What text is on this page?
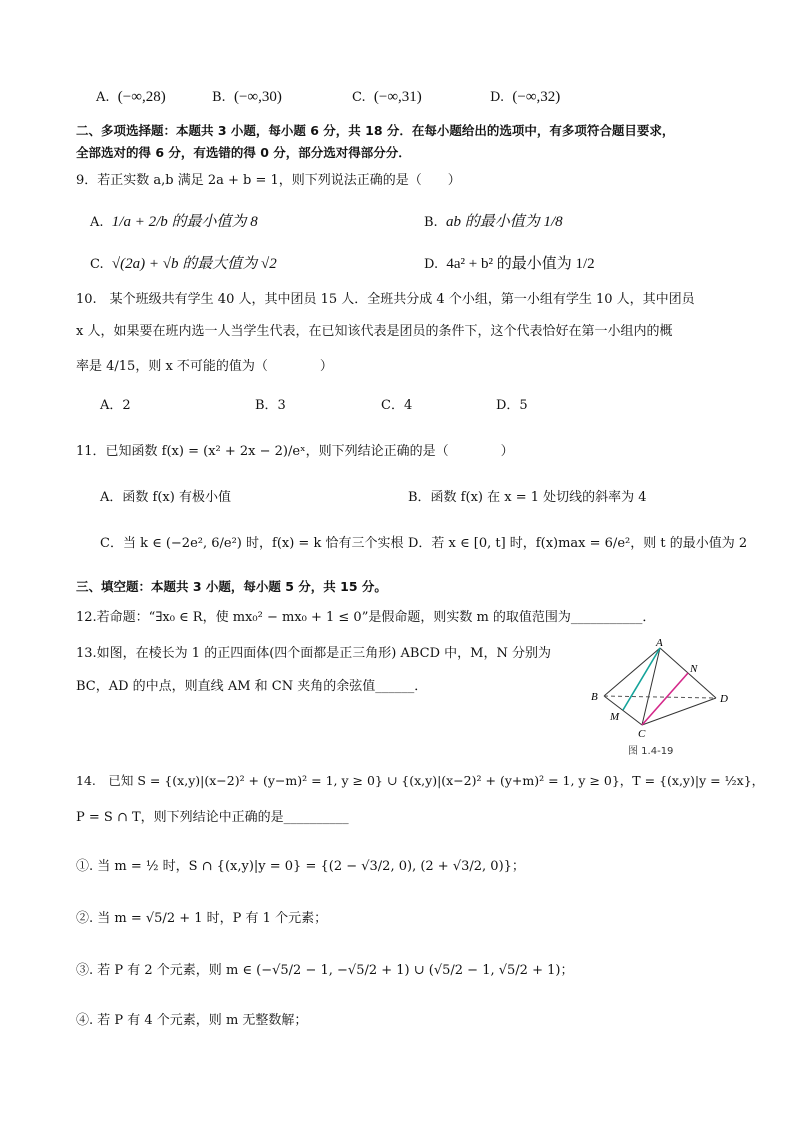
A. (−∞,28)	B. (−∞,30)	C. (−∞,31)	D. (−∞,32)
二、多项选择题：本题共 3 小题，每小题 6 分，共 18 分．在每小题给出的选项中，有多项符合题目要求，
全部选对的得 6 分，有选错的得 0 分，部分选对得部分分．
9．若正实数 a,b 满足 2a + b = 1，则下列说法正确的是（　　）
A. 1/a + 2/b 的最小值为 8	B. ab 的最小值为 1/8
C. √(2a) + √b 的最大值为 √2	D. 4a² + b² 的最小值为 1/2
10.　某个班级共有学生 40 人，其中团员 15 人．全班共分成 4 个小组，第一小组有学生 10 人，其中团员
x 人，如果要在班内选一人当学生代表，在已知该代表是团员的条件下，这个代表恰好在第一小组内的概
率是 4/15，则 x 不可能的值为（　　　　）
A．2	B．3	C．4	D．5
11．已知函数 f(x) = (x² + 2x − 2)/eˣ，则下列结论正确的是（　　　　）
A．函数 f(x) 有极小值	B．函数 f(x) 在 x = 1 处切线的斜率为 4
C．当 k ∈ (−2e², 6/e²) 时，f(x) = k 恰有三个实根 D．若 x ∈ [0, t] 时，f(x)max = 6/e²，则 t 的最小值为 2
三、填空题：本题共 3 小题，每小题 5 分，共 15 分。
12.若命题：“∃x₀ ∈ R，使 mx₀² − mx₀ + 1 ≤ 0”是假命题，则实数 m 的取值范围为___________．
13.如图，在棱长为 1 的正四面体(四个面都是正三角形) ABCD 中，M，N 分别为
BC，AD 的中点，则直线 AM 和 CN 夹角的余弦值______．
A
B
C
D
M
N
图 1.4-19
14.　已知 S = {(x,y)|(x−2)² + (y−m)² = 1, y ≥ 0} ∪ {(x,y)|(x−2)² + (y+m)² = 1, y ≥ 0}，T = {(x,y)|y = ½x}，
P = S ∩ T，则下列结论中正确的是__________
①. 当 m = ½ 时，S ∩ {(x,y)|y = 0} = {(2 − √3/2, 0), (2 + √3/2, 0)}；
②. 当 m = √5/2 + 1 时，P 有 1 个元素；
③. 若 P 有 2 个元素，则 m ∈ (−√5/2 − 1, −√5/2 + 1) ∪ (√5/2 − 1, √5/2 + 1)；
④. 若 P 有 4 个元素，则 m 无整数解；
